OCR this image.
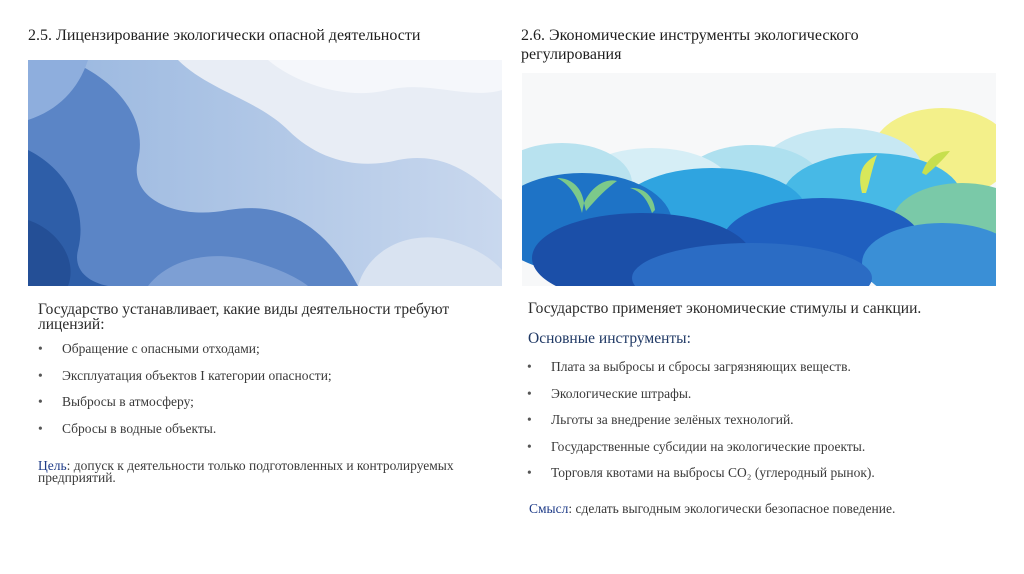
2.5. Лицензирование экологически опасной деятельности

Государство устанавливает, какие виды деятельности требуют лицензий:

• Обращение с опасными отходами;
• Эксплуатация объектов I категории опасности;
• Выбросы в атмосферу;
• Сбросы в водные объекты.

Цель: допуск к деятельности только подготовленных и контролируемых предприятий.

2.6. Экономические инструменты экологического регулирования

Государство применяет экономические стимулы и санкции.

Основные инструменты:

• Плата за выбросы и сбросы загрязняющих веществ.
• Экологические штрафы.
• Льготы за внедрение зелёных технологий.
• Государственные субсидии на экологические проекты.
• Торговля квотами на выбросы CO₂ (углеродный рынок).

Смысл: сделать выгодным экологически безопасное поведение.
